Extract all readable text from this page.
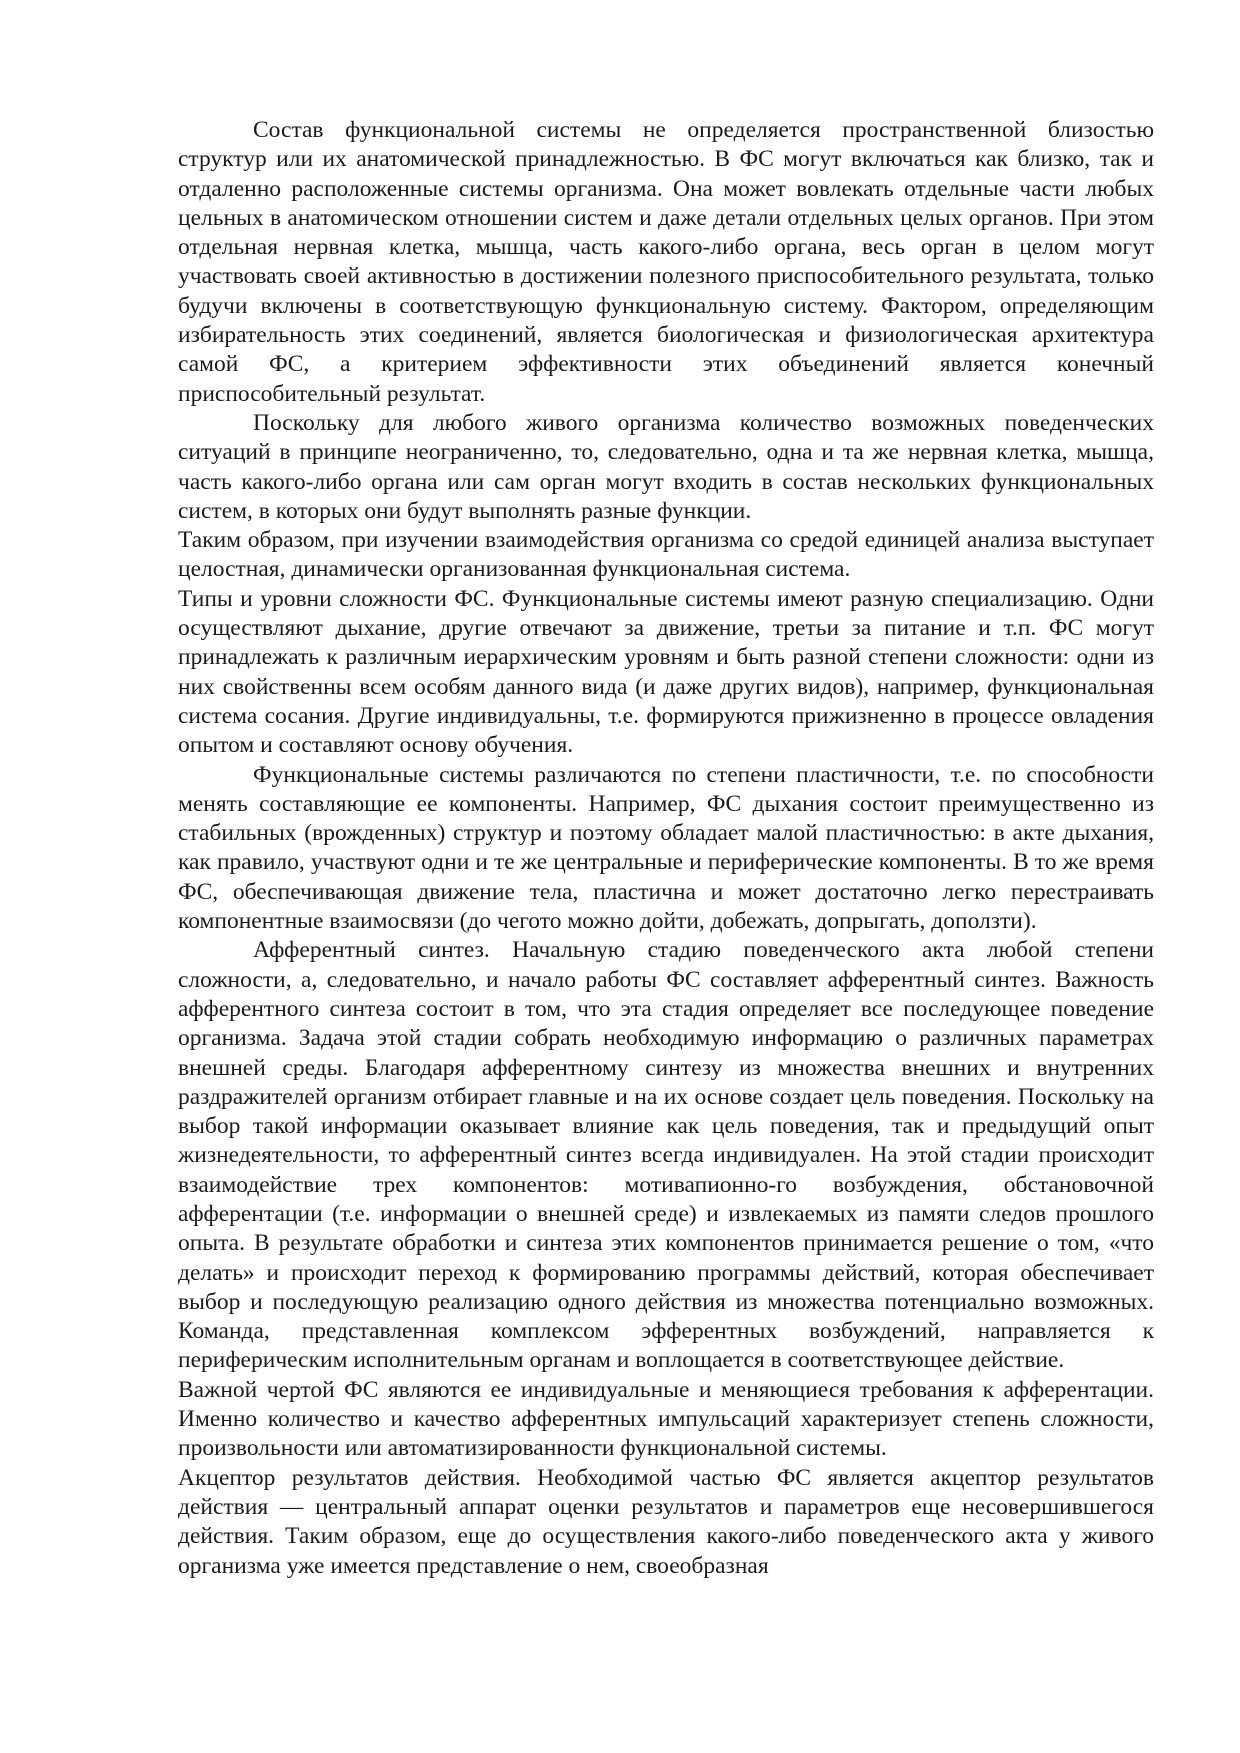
Состав функциональной системы не определяется пространственной близостью структур или их анатомической принадлежностью. В ФС могут включаться как близко, так и отдаленно расположенные системы организма. Она может вовлекать отдельные части любых цельных в анатомическом отношении систем и даже детали отдельных целых органов. При этом отдельная нервная клетка, мышца, часть какого-либо органа, весь орган в целом могут участвовать своей активностью в достижении полезного приспособительного результата, только будучи включены в соответствующую функциональную систему. Фактором, определяющим избирательность этих соединений, является биологическая и физиологическая архитектура самой ФС, а критерием эффективности этих объединений является конечный приспособительный результат.

Поскольку для любого живого организма количество возможных поведенческих ситуаций в принципе неограниченно, то, следовательно, одна и та же нервная клетка, мышца, часть какого-либо органа или сам орган могут входить в состав нескольких функциональных систем, в которых они будут выполнять разные функции.

Таким образом, при изучении взаимодействия организма со средой единицей анализа выступает целостная, динамически организованная функциональная система.

Типы и уровни сложности ФС. Функциональные системы имеют разную специализацию. Одни осуществляют дыхание, другие отвечают за движение, третьи за питание и т.п. ФС могут принадлежать к различным иерархическим уровням и быть разной степени сложности: одни из них свойственны всем особям данного вида (и даже других видов), например, функциональная система сосания. Другие индивидуальны, т.е. формируются прижизненно в процессе овладения опытом и составляют основу обучения.

Функциональные системы различаются по степени пластичности, т.е. по способности менять составляющие ее компоненты. Например, ФС дыхания состоит преимущественно из стабильных (врожденных) структур и поэтому обладает малой пластичностью: в акте дыхания, как правило, участвуют одни и те же центральные и периферические компоненты. В то же время ФС, обеспечивающая движение тела, пластична и может достаточно легко перестраивать компонентные взаимосвязи (до чегото можно дойти, добежать, допрыгать, доползти).

Афферентный синтез. Начальную стадию поведенческого акта любой степени сложности, а, следовательно, и начало работы ФС составляет афферентный синтез. Важность афферентного синтеза состоит в том, что эта стадия определяет все последующее поведение организма. Задача этой стадии собрать необходимую информацию о различных параметрах внешней среды. Благодаря афферентному синтезу из множества внешних и внутренних раздражителей организм отбирает главные и на их основе создает цель поведения. Поскольку на выбор такой информации оказывает влияние как цель поведения, так и предыдущий опыт жизнедеятельности, то афферентный синтез всегда индивидуален. На этой стадии происходит взаимодействие трех компонентов: мотивапионно-го возбуждения, обстановочной афферентации (т.е. информации о внешней среде) и извлекаемых из памяти следов прошлого опыта. В результате обработки и синтеза этих компонентов принимается решение о том, «что делать» и происходит переход к формированию программы действий, которая обеспечивает выбор и последующую реализацию одного действия из множества потенциально возможных. Команда, представленная комплексом эфферентных возбуждений, направляется к периферическим исполнительным органам и воплощается в соответствующее действие.

Важной чертой ФС являются ее индивидуальные и меняющиеся требования к афферентации. Именно количество и качество афферентных импульсаций характеризует степень сложности, произвольности или автоматизированности функциональной системы.

Акцептор результатов действия. Необходимой частью ФС является акцептор результатов действия — центральный аппарат оценки результатов и параметров еще несовершившегося действия. Таким образом, еще до осуществления какого-либо поведенческого акта у живого организма уже имеется представление о нем, своеобразная
